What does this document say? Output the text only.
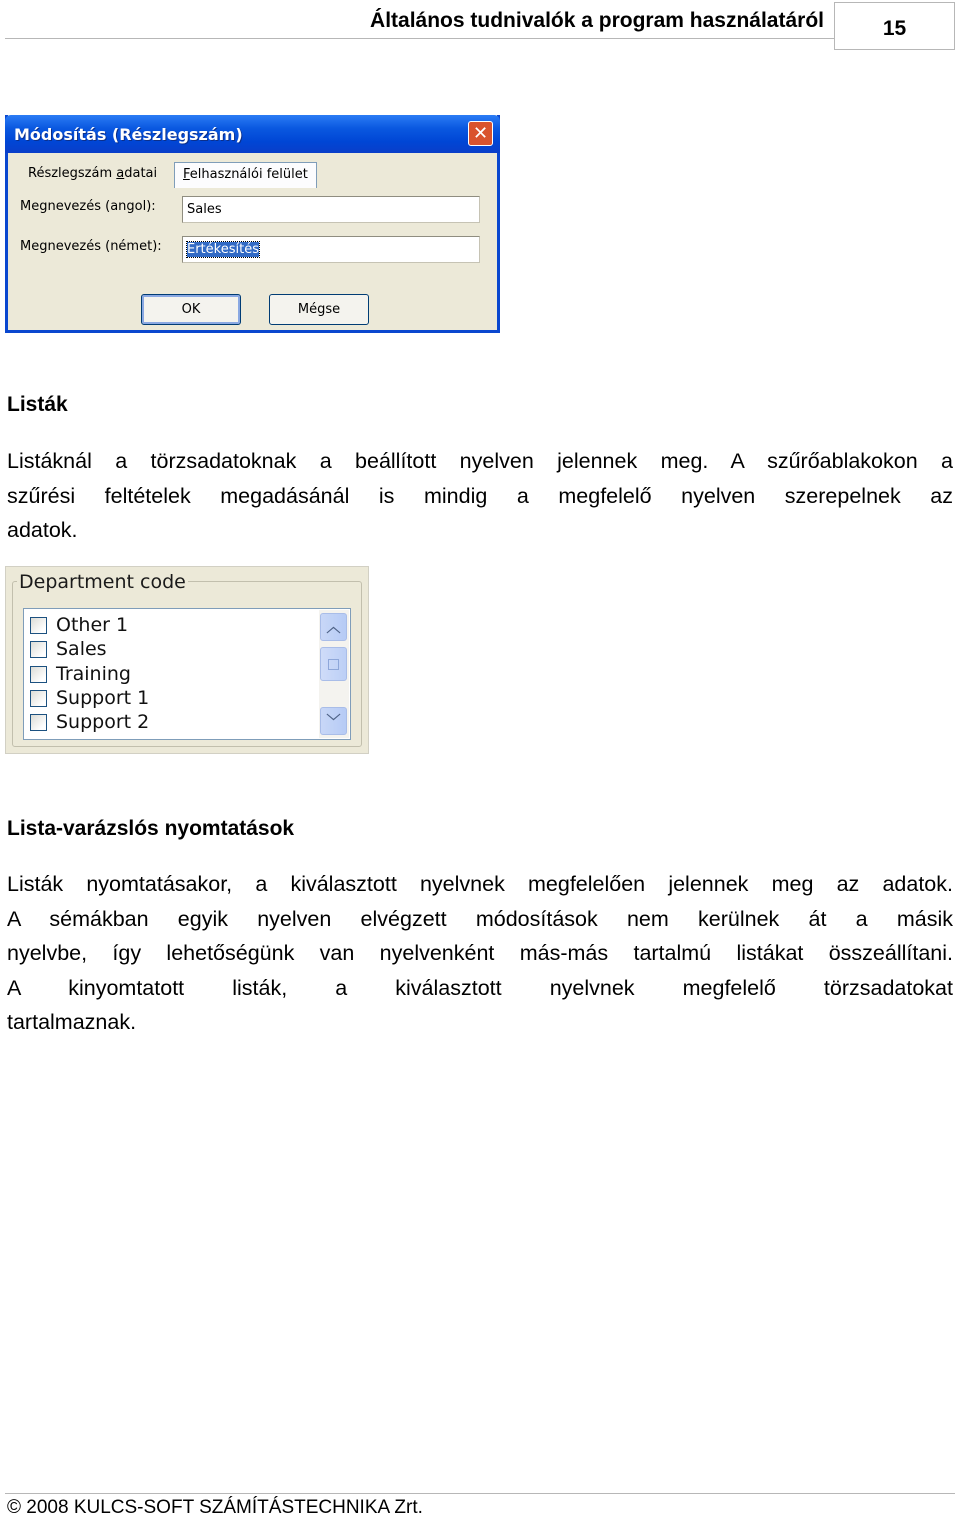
Általános tudnivalók a program használatáról	15
Módosítás (Részlegszám)	✕
Részlegszám adatai	Felhasználói felület
Megnevezés (angol):	Sales
Megnevezés (német):	Értékesítés
OK	Mégse
Listák

Listáknál a törzsadatoknak a beállított nyelven jelennek meg. A szűrőablakokon a
szűrési feltételek megadásánál is mindig a megfelelő nyelven szerepelnek az
adatok.

Department code
Other 1
Sales
Training
Support 1
Support 2
︿
﹀
Lista-varázslós nyomtatások

Listák nyomtatásakor, a kiválasztott nyelvnek megfelelően jelennek meg az adatok.
A sémákban egyik nyelven elvégzett módosítások nem kerülnek át a másik
nyelvbe, így lehetőségünk van nyelvenként más-más tartalmú listákat összeállítani.
A kinyomtatott listák, a kiválasztott nyelvnek megfelelő törzsadatokat
tartalmaznak.

© 2008 KULCS-SOFT SZÁMÍTÁSTECHNIKA Zrt.
